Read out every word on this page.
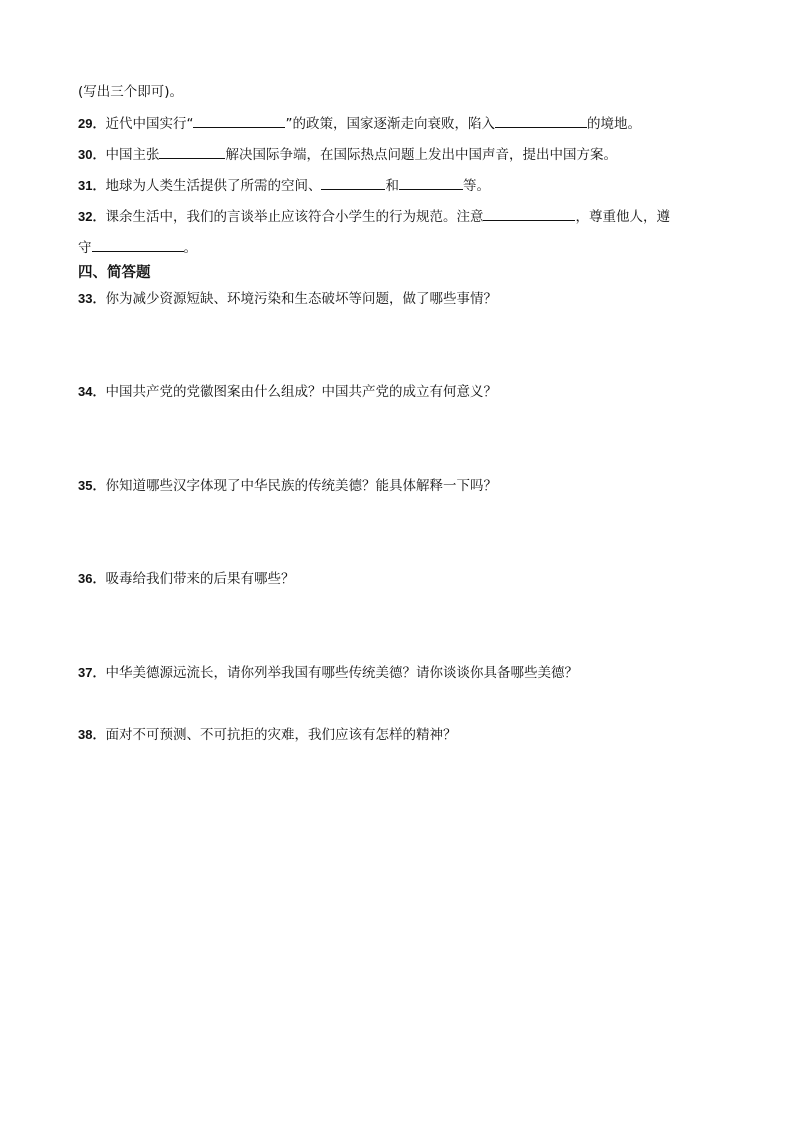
(写出三个即可)。
29．近代中国实行“	”的政策，国家逐渐走向衰败，陷入	的境地。
30．中国主张	解决国际争端，在国际热点问题上发出中国声音，提出中国方案。
31．地球为人类生活提供了所需的空间、	和	等。
32．课余生活中，我们的言谈举止应该符合小学生的行为规范。注意	，尊重他人，遵
守	。
四、简答题
33．你为减少资源短缺、环境污染和生态破坏等问题，做了哪些事情？
34．中国共产党的党徽图案由什么组成？中国共产党的成立有何意义？
35．你知道哪些汉字体现了中华民族的传统美德？能具体解释一下吗？
36．吸毒给我们带来的后果有哪些？
37．中华美德源远流长，请你列举我国有哪些传统美德？请你谈谈你具备哪些美德？
38．面对不可预测、不可抗拒的灾难，我们应该有怎样的精神？
